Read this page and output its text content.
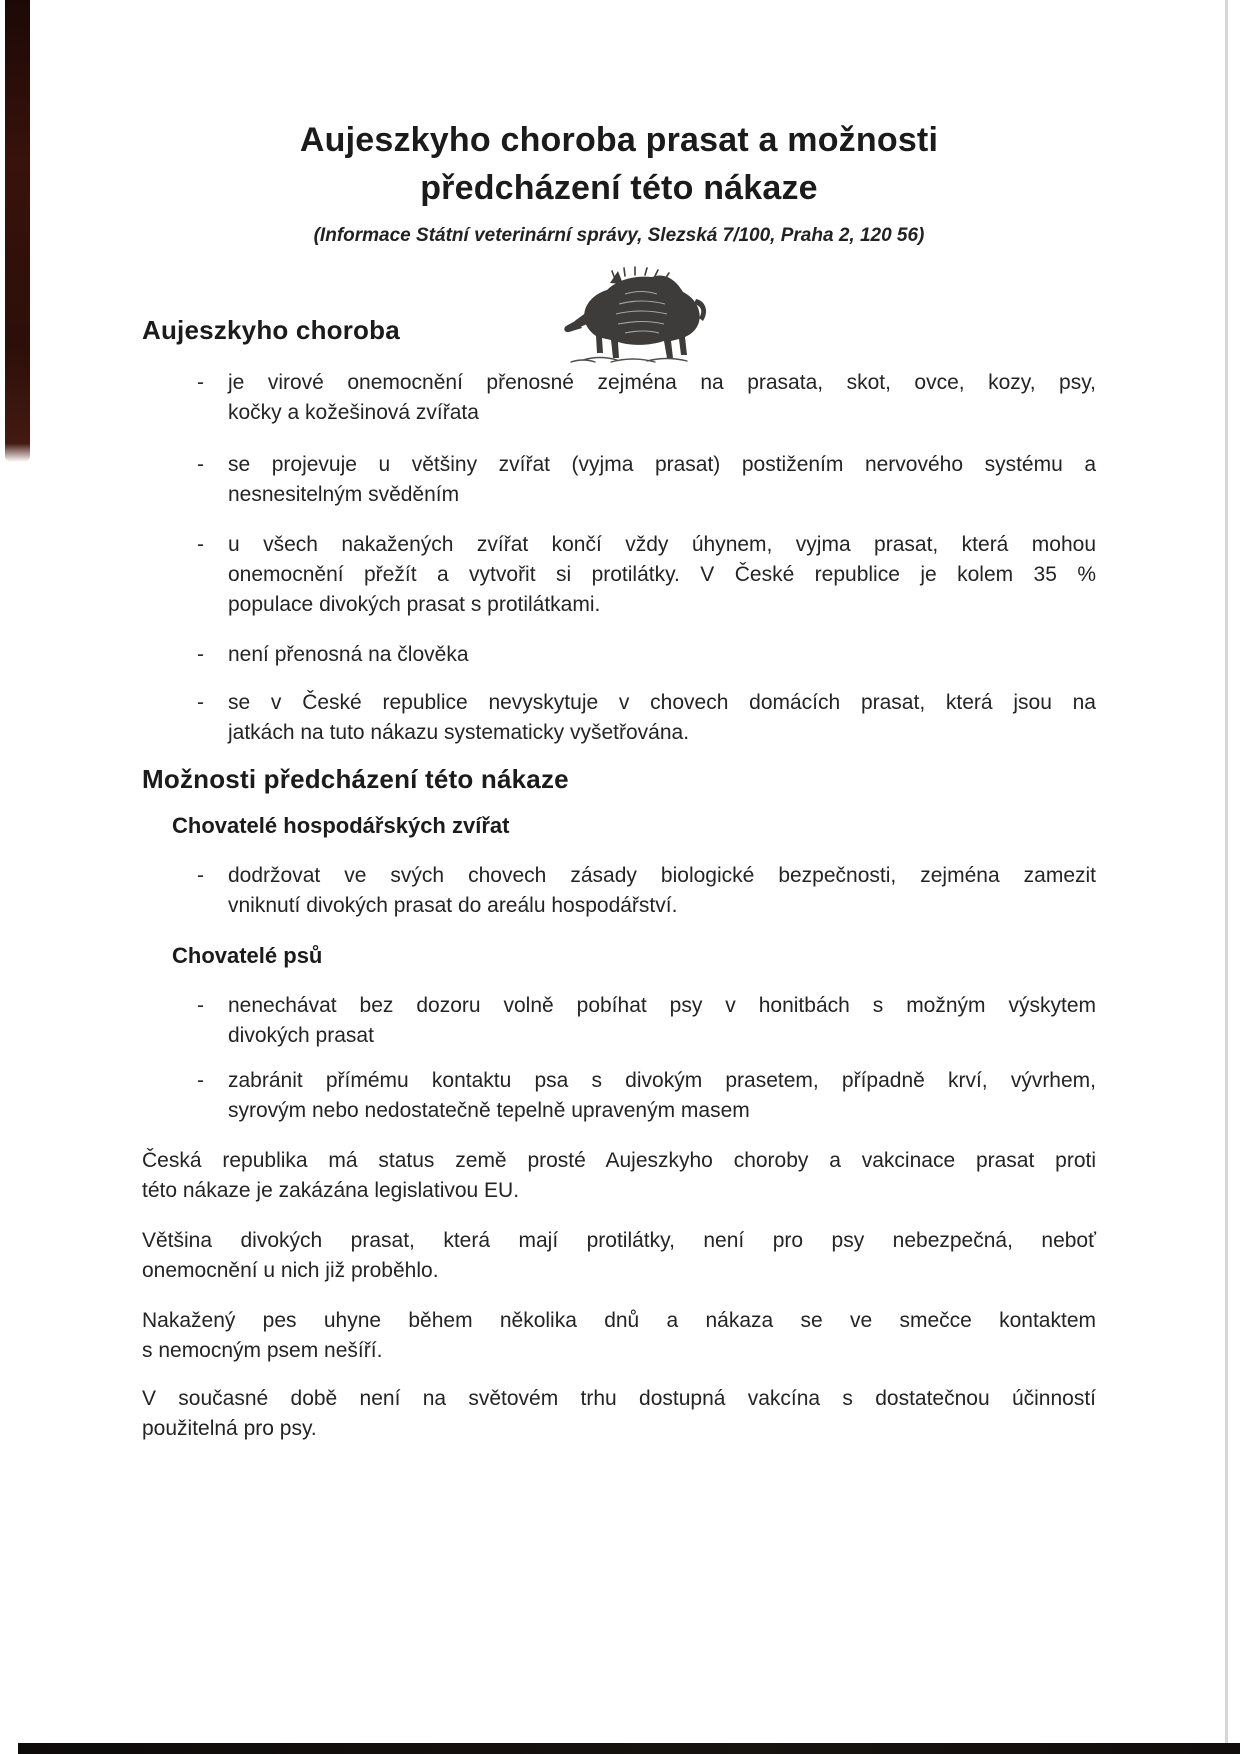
Aujeszkyho choroba prasat a možnosti
předcházení této nákaze
(Informace Státní veterinární správy, Slezská 7/100, Praha 2, 120 56)
Aujeszkyho choroba
-	je virové onemocnění přenosné zejména na prasata, skot, ovce, kozy, psy,
kočky a kožešinová zvířata
-	se projevuje u většiny zvířat (vyjma prasat) postižením nervového systému a
nesnesitelným svěděním
-	u všech nakažených zvířat končí vždy úhynem, vyjma prasat, která mohou
onemocnění přežít a vytvořit si protilátky. V České republice je kolem 35 %
populace divokých prasat s protilátkami.
-	není přenosná na člověka
-	se v České republice nevyskytuje v chovech domácích prasat, která jsou na
jatkách na tuto nákazu systematicky vyšetřována.
Možnosti předcházení této nákaze
Chovatelé hospodářských zvířat
-	dodržovat ve svých chovech zásady biologické bezpečnosti, zejména zamezit
vniknutí divokých prasat do areálu hospodářství.
Chovatelé psů
-	nenechávat bez dozoru volně pobíhat psy v honitbách s možným výskytem
divokých prasat
-	zabránit přímému kontaktu psa s divokým prasetem, případně krví, vývrhem,
syrovým nebo nedostatečně tepelně upraveným masem
Česká republika má status země prosté Aujeszkyho choroby a vakcinace prasat proti
této nákaze je zakázána legislativou EU.
Většina divokých prasat, která mají protilátky, není pro psy nebezpečná, neboť
onemocnění u nich již proběhlo.
Nakažený pes uhyne během několika dnů a nákaza se ve smečce kontaktem
s nemocným psem nešíří.
V současné době není na světovém trhu dostupná vakcína s dostatečnou účinností
použitelná pro psy.
